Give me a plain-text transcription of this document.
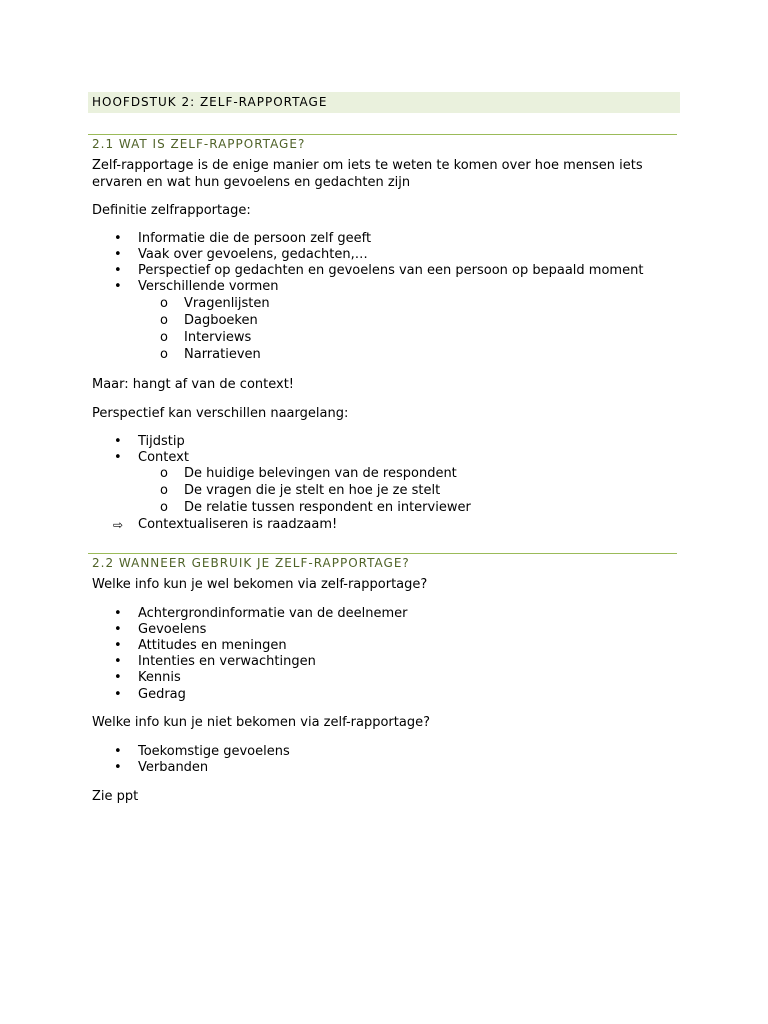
HOOFDSTUK 2: ZELF-RAPPORTAGE
2.1 WAT IS ZELF-RAPPORTAGE?
Zelf-rapportage is de enige manier om iets te weten te komen over hoe mensen iets
ervaren en wat hun gevoelens en gedachten zijn
Definitie zelfrapportage:
• Informatie die de persoon zelf geeft
• Vaak over gevoelens, gedachten,…
• Perspectief op gedachten en gevoelens van een persoon op bepaald moment
• Verschillende vormen
o Vragenlijsten
o Dagboeken
o Interviews
o Narratieven
Maar: hangt af van de context!
Perspectief kan verschillen naargelang:
• Tijdstip
• Context
o De huidige belevingen van de respondent
o De vragen die je stelt en hoe je ze stelt
o De relatie tussen respondent en interviewer
⇨ Contextualiseren is raadzaam!
2.2 WANNEER GEBRUIK JE ZELF-RAPPORTAGE?
Welke info kun je wel bekomen via zelf-rapportage?
• Achtergrondinformatie van de deelnemer
• Gevoelens
• Attitudes en meningen
• Intenties en verwachtingen
• Kennis
• Gedrag
Welke info kun je niet bekomen via zelf-rapportage?
• Toekomstige gevoelens
• Verbanden
Zie ppt
